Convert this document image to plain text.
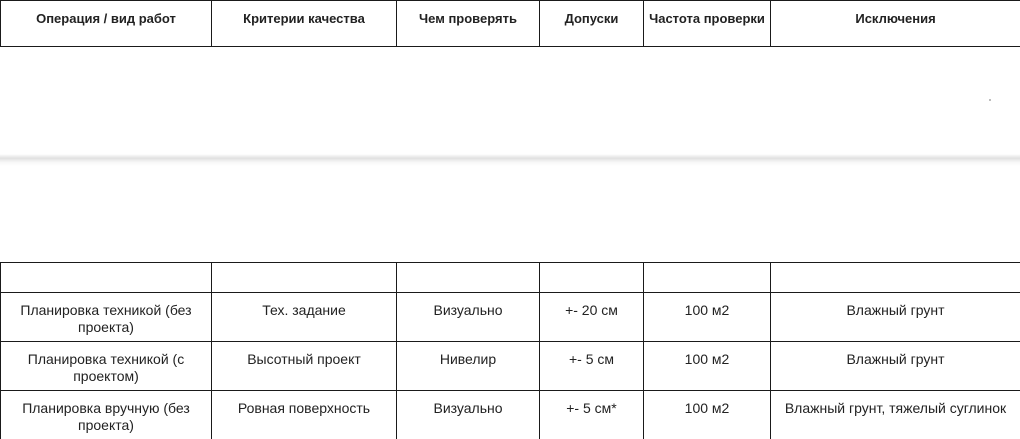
Операция / вид работ	Критерии качества	Чем проверять	Допуски	Частота проверки	Исключения

Планировка техникой (без проекта)	Тех. задание	Визуально	+- 20 см	100 м2	Влажный грунт
Планировка техникой (с проектом)	Высотный проект	Нивелир	+- 5 см	100 м2	Влажный грунт
Планировка вручную (без проекта)	Ровная поверхность	Визуально	+- 5 см*	100 м2	Влажный грунт, тяжелый суглинок
